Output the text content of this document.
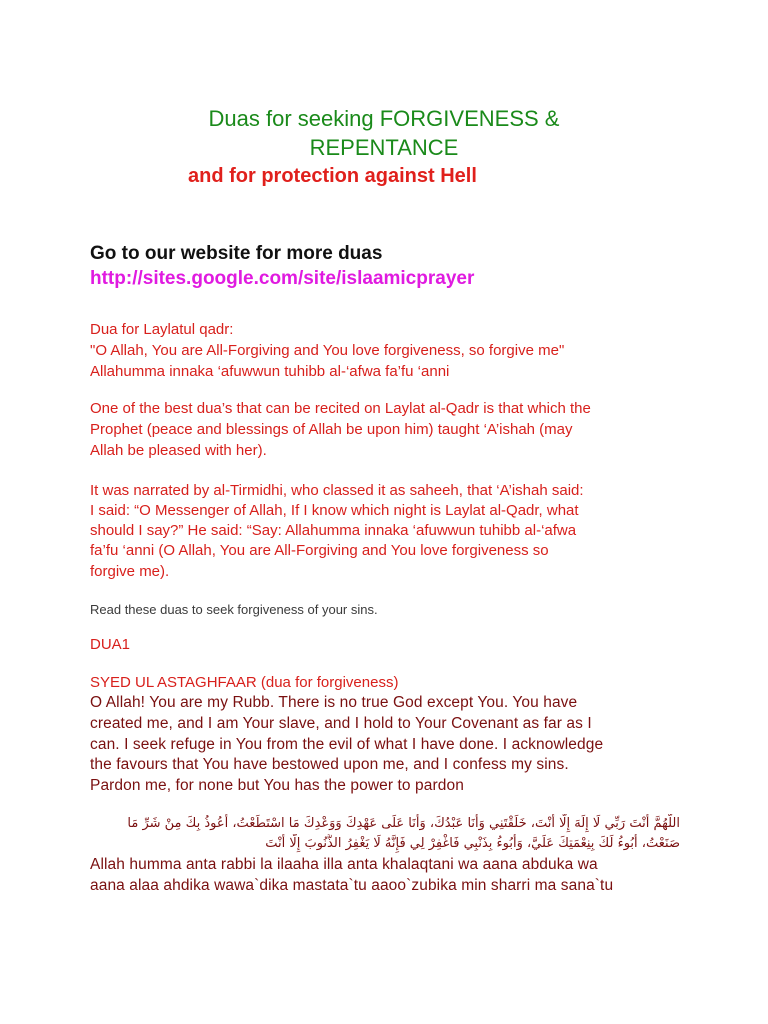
Duas for seeking FORGIVENESS &
REPENTANCE
and for protection against Hell
Go to our website for more duas
http://sites.google.com/site/islaamicprayer
Dua for Laylatul qadr:
"O Allah, You are All-Forgiving and You love forgiveness, so forgive me"
Allahumma innaka ‘afuwwun tuhibb al-‘afwa fa’fu ‘anni
One of the best dua’s that can be recited on Laylat al-Qadr is that which the
Prophet (peace and blessings of Allah be upon him) taught ‘A’ishah (may
Allah be pleased with her).
It was narrated by al-Tirmidhi, who classed it as saheeh, that ‘A’ishah said:
I said: “O Messenger of Allah, If I know which night is Laylat al-Qadr, what
should I say?” He said: “Say: Allahumma innaka ‘afuwwun tuhibb al-‘afwa
fa’fu ‘anni (O Allah, You are All-Forgiving and You love forgiveness so
forgive me).
Read these duas to seek forgiveness of your sins.
DUA1
SYED UL ASTAGHFAAR (dua for forgiveness)
O Allah! You are my Rubb. There is no true God except You. You have
created me, and I am Your slave, and I hold to Your Covenant as far as I
can. I seek refuge in You from the evil of what I have done. I acknowledge
the favours that You have bestowed upon me, and I confess my sins.
Pardon me, for none but You has the power to pardon
اللَّهُمَّ أَنْتَ رَبِّي لَا إِلَهَ إِلَّا أَنْتَ، خَلَقْتَنِي وَأَنَا عَبْدُكَ، وَأَنَا عَلَى عَهْدِكَ وَوَعْدِكَ مَا اسْتَطَعْتُ، أَعُوذُ بِكَ مِنْ شَرِّ مَا
صَنَعْتُ، أَبُوءُ لَكَ بِنِعْمَتِكَ عَلَيَّ، وَأَبُوءُ بِذَنْبِي فَاغْفِرْ لِي فَإِنَّهُ لَا يَغْفِرُ الذُّنُوبَ إِلَّا أَنْتَ
Allah humma anta rabbi la ilaaha illa anta khalaqtani wa aana abduka wa
aana alaa ahdika wawa`dika mastata`tu aaoo`zubika min sharri ma sana`tu
